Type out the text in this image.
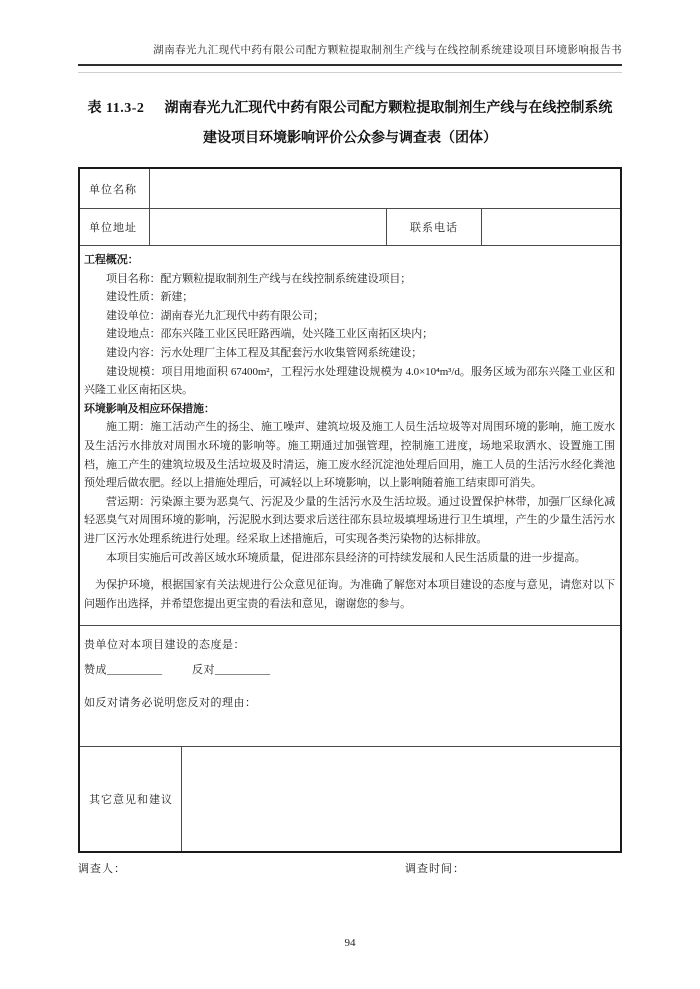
湖南春光九汇现代中药有限公司配方颗粒提取制剂生产线与在线控制系统建设项目环境影响报告书
表 11.3-2 湖南春光九汇现代中药有限公司配方颗粒提取制剂生产线与在线控制系统
建设项目环境影响评价公众参与调查表（团体）
单位名称
单位地址	联系电话

工程概况：

项目名称：配方颗粒提取制剂生产线与在线控制系统建设项目；

建设性质：新建；

建设单位：湖南春光九汇现代中药有限公司；

建设地点：邵东兴隆工业区民旺路西端，处兴隆工业区南拓区块内；

建设内容：污水处理厂主体工程及其配套污水收集管网系统建设；

建设规模：项目用地面积 67400m²，工程污水处理建设规模为 4.0×10⁴m³/d。服务区域为邵东兴隆工业区和兴隆工业区南拓区块。

环境影响及相应环保措施：

施工期：施工活动产生的扬尘、施工噪声、建筑垃圾及施工人员生活垃圾等对周围环境的影响，施工废水及生活污水排放对周围水环境的影响等。施工期通过加强管理，控制施工进度，场地采取洒水、设置施工围档，施工产生的建筑垃圾及生活垃圾及时清运，施工废水经沉淀池处理后回用，施工人员的生活污水经化粪池预处理后做农肥。经以上措施处理后，可减轻以上环境影响，以上影响随着施工结束即可消失。

营运期：污染源主要为恶臭气、污泥及少量的生活污水及生活垃圾。通过设置保护林带，加强厂区绿化减轻恶臭气对周围环境的影响，污泥脱水到达要求后送往邵东县垃圾填埋场进行卫生填埋，产生的少量生活污水进厂区污水处理系统进行处理。经采取上述措施后，可实现各类污染物的达标排放。

本项目实施后可改善区域水环境质量，促进邵东县经济的可持续发展和人民生活质量的进一步提高。

为保护环境，根据国家有关法规进行公众意见征询。为准确了解您对本项目建设的态度与意见，请您对以下问题作出选择，并希望您提出更宝贵的看法和意见，谢谢您的参与。

贵单位对本项目建设的态度是：

赞成__________	反对__________

如反对请务必说明您反对的理由：

其它意见和建议
调查人：	调查时间：
94
